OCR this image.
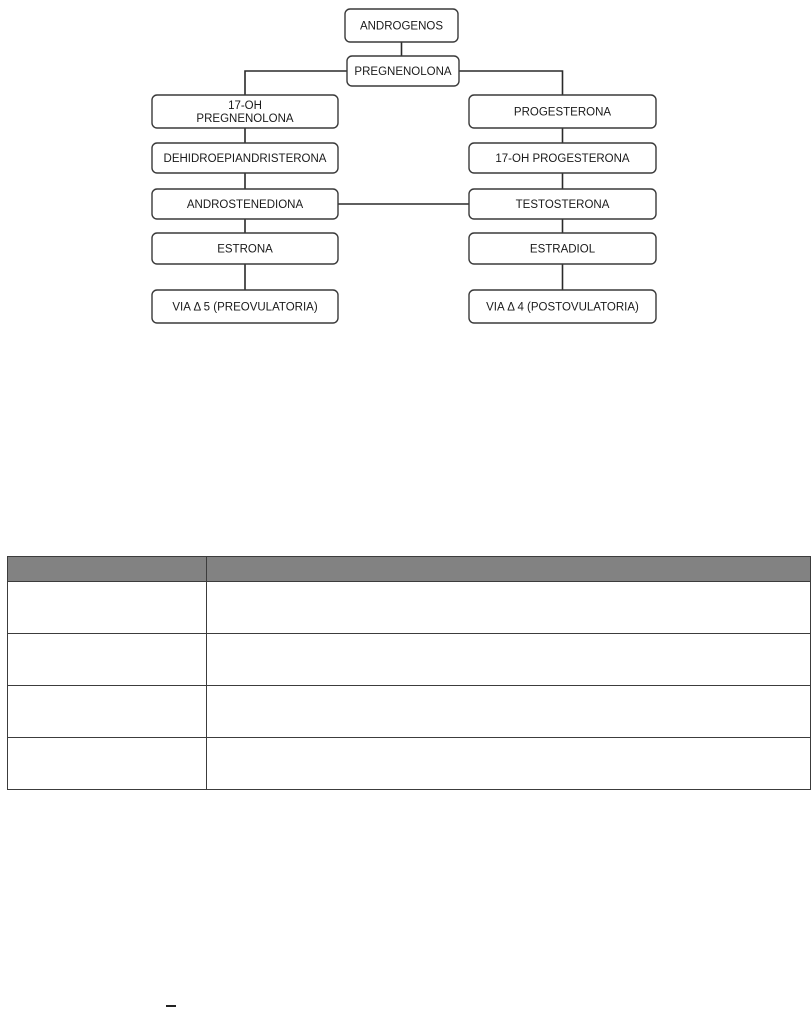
ANDROGENOS
PREGNENOLONA
17-OH
PREGNENOLONA
DEHIDROEPIANDRISTERONA
ANDROSTENEDIONA
ESTRONA
VIA Δ 5 (PREOVULATORIA)
PROGESTERONA
17-OH PROGESTERONA
TESTOSTERONA
ESTRADIOL
VIA Δ 4 (POSTOVULATORIA)
